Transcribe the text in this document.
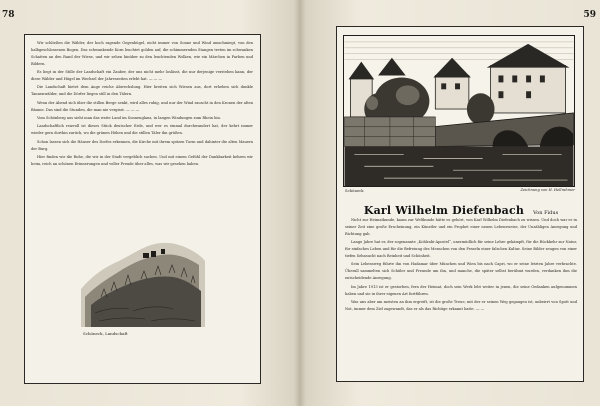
78	59

Wir schließen die Wälder, der hoch ragende Gegenhügel, nicht immer von Sonne und Wind umschmiegt, von den halbgeschlossenen Bogen. Das schwankende Korn leuchtet golden auf, die schimmernden Stangen treten im schwanken Schatten an den Rand der Wiese, und wir sehen hinüber zu den leuchtenden Wolken, wie ein Märchen in Farben und Bildern.

Es liegt in der Stille der Landschaft ein Zauber, der uns nicht mehr loslässt, die nur derjenige verstehen kann, der diese Wälder und Hügel im Wechsel der Jahreszeiten erlebt hat. — — —

Die Landschaft bietet dem Auge reiche Abwechslung. Hier breiten sich Wiesen aus, dort erheben sich dunkle Tannenwälder, und die Dörfer liegen still in den Tälern.

Wenn der Abend sich über die stillen Berge senkt, wird alles ruhig, und nur der Wind rauscht in den Kronen der alten Bäume. Das sind die Stunden, die man nie vergisst. — — —

Vom Schönberg aus sieht man das weite Land im Sonnenglanz, in langen Windungen zum Rhein hin.

Landschaftlich reizvoll ist dieses Stück deutscher Erde, und wer es einmal durchwandert hat, der kehrt immer wieder gern dorthin zurück, wo die grünen Höhen und die stillen Täler ihn grüßen.

Schon lassen sich die Häuser des Dorfes erkennen, die Kirche mit ihrem spitzen Turm und dahinter die alten Mauern der Burg.

Hier finden wir die Ruhe, die wir in der Stadt vergeblich suchen. Und mit einem Gefühl der Dankbarkeit kehren wir heim, reich an schönen Erinnerungen und voller Freude über alles, was wir gesehen haben.

Schöneck, Landschaft
Schöneck	Zeichnung von H. Hellrahmer
Karl Wilhelm Diefenbach Von Fidus

Nicht zur Heimatkunde, kaum zur Weltkunde hätte es gehört, von Karl Wilhelm Diefenbach zu wissen. Und doch war er in seiner Zeit eine große Erscheinung, ein Künstler und ein Prophet einer neuen Lebensweise, der Unzähligen Anregung und Richtung gab.

Lange Jahre hat er, der sogenannte „Kohlrabi-Apostel“, unermüdlich für seine Lehre gekämpft, für die Rückkehr zur Natur, für einfaches Leben und für die Befreiung des Menschen von den Fesseln einer falschen Kultur. Seine Bilder zeugen von einer tiefen Sehnsucht nach Reinheit und Schönheit.

Sein Lebensweg führte ihn von Hadamar über München und Wien bis nach Capri, wo er seine letzten Jahre verbrachte. Überall sammelten sich Schüler und Freunde um ihn, und manche, die später selbst berühmt wurden, verdanken ihm die entscheidende Anregung.

Im Jahre 1913 ist er gestorben, fern der Heimat, doch sein Werk lebt weiter in jenen, die seine Gedanken aufgenommen haben und sie in ihrer eigenen Art fortführen.

Was uns aber am meisten an ihm ergreift, ist die große Treue, mit der er seinen Weg gegangen ist, unbeirrt von Spott und Not, immer dem Ziel zugewandt, das er als das Richtige erkannt hatte. — —
